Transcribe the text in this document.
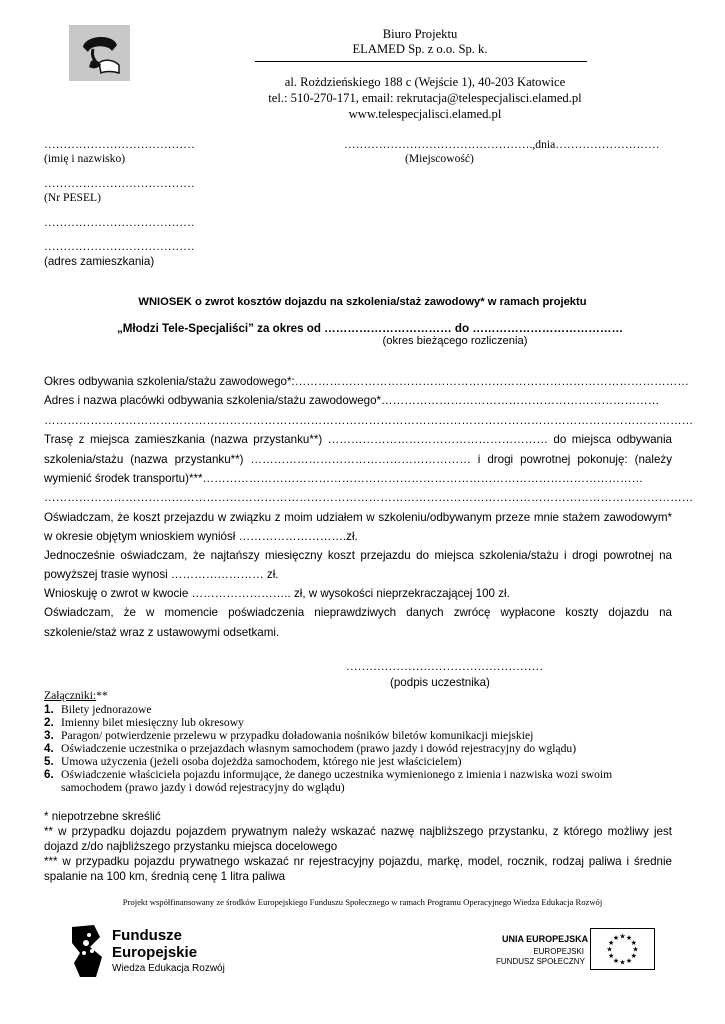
Biuro Projektu
ELAMED Sp. z o.o. Sp. k.
al. Rożdzieńskiego 188 c (Wejście 1), 40-203 Katowice
tel.: 510-270-171, email: rekrutacja@telespecjalisci.elamed.pl
www.telespecjalisci.elamed.pl
…………………………………
(imię i nazwisko)
………………………………………….,dnia………………………
(Miejscowość)
…………………………………
(Nr PESEL)
…………………………………
…………………………………
(adres zamieszkania)
WNIOSEK o zwrot kosztów dojazdu na szkolenia/staż zawodowy* w ramach projektu
„Młodzi Tele-Specjaliści” za okres od …………………………… do …………………………………
(okres bieżącego rozliczenia)
Okres odbywania szkolenia/stażu zawodowego*:…………………………………………………………………………………………
Adres i nazwa placówki odbywania szkolenia/stażu zawodowego*………………………………………………………………
……………………………………………………………………………………………………………………………………………………
Trasę z miejsca zamieszkania (nazwa przystanku**) ………………………………………………… do miejsca odbywania
szkolenia/stażu (nazwa przystanku**) ………………………………………………… i drogi powrotnej pokonuję: (należy
wymienić środek transportu)***……………………………………………………………………………………………………
……………………………………………………………………………………………………………………………………………………
Oświadczam, że koszt przejazdu w związku z moim udziałem w szkoleniu/odbywanym przeze mnie stażem zawodowym*
w okresie objętym wnioskiem wyniósł ……………………….zł.
Jednocześnie oświadczam, że najtańszy miesięczny koszt przejazdu do miejsca szkolenia/stażu i drogi powrotnej na
powyższej trasie wynosi …………………… zł.
Wnioskuję o zwrot w kwocie …………………….. zł, w wysokości nieprzekraczającej 100 zł.
Oświadczam, że w momencie poświadczenia nieprawdziwych danych zwrócę wypłacone koszty dojazdu na
szkolenie/staż wraz z ustawowymi odsetkami.
……………………………………………
(podpis uczestnika)
Załączniki:**
1. Bilety jednorazowe
2. Imienny bilet miesięczny lub okresowy
3. Paragon/ potwierdzenie przelewu w przypadku doładowania nośników biletów komunikacji miejskiej
4. Oświadczenie uczestnika o przejazdach własnym samochodem (prawo jazdy i dowód rejestracyjny do wglądu)
5. Umowa użyczenia (jeżeli osoba dojeżdża samochodem, którego nie jest właścicielem)
6. Oświadczenie właściciela pojazdu informujące, że danego uczestnika wymienionego z imienia i nazwiska wozi swoim
samochodem (prawo jazdy i dowód rejestracyjny do wglądu)
* niepotrzebne skreślić
** w przypadku dojazdu pojazdem prywatnym należy wskazać nazwę najbliższego przystanku, z którego możliwy jest
dojazd z/do najbliższego przystanku miejsca docelowego
*** w przypadku pojazdu prywatnego wskazać nr rejestracyjny pojazdu, markę, model, rocznik, rodzaj paliwa i średnie
spalanie na 100 km, średnią cenę 1 litra paliwa
Projekt współfinansowany ze środków Europejskiego Funduszu Społecznego w ramach Programu Operacyjnego Wiedza Edukacja Rozwój
Fundusze
Europejskie
Wiedza Edukacja Rozwój
UNIA EUROPEJSKA
EUROPEJSKI
FUNDUSZ SPOŁECZNY
★ ★
★
★
★
★
★
★
★
★
★
★
